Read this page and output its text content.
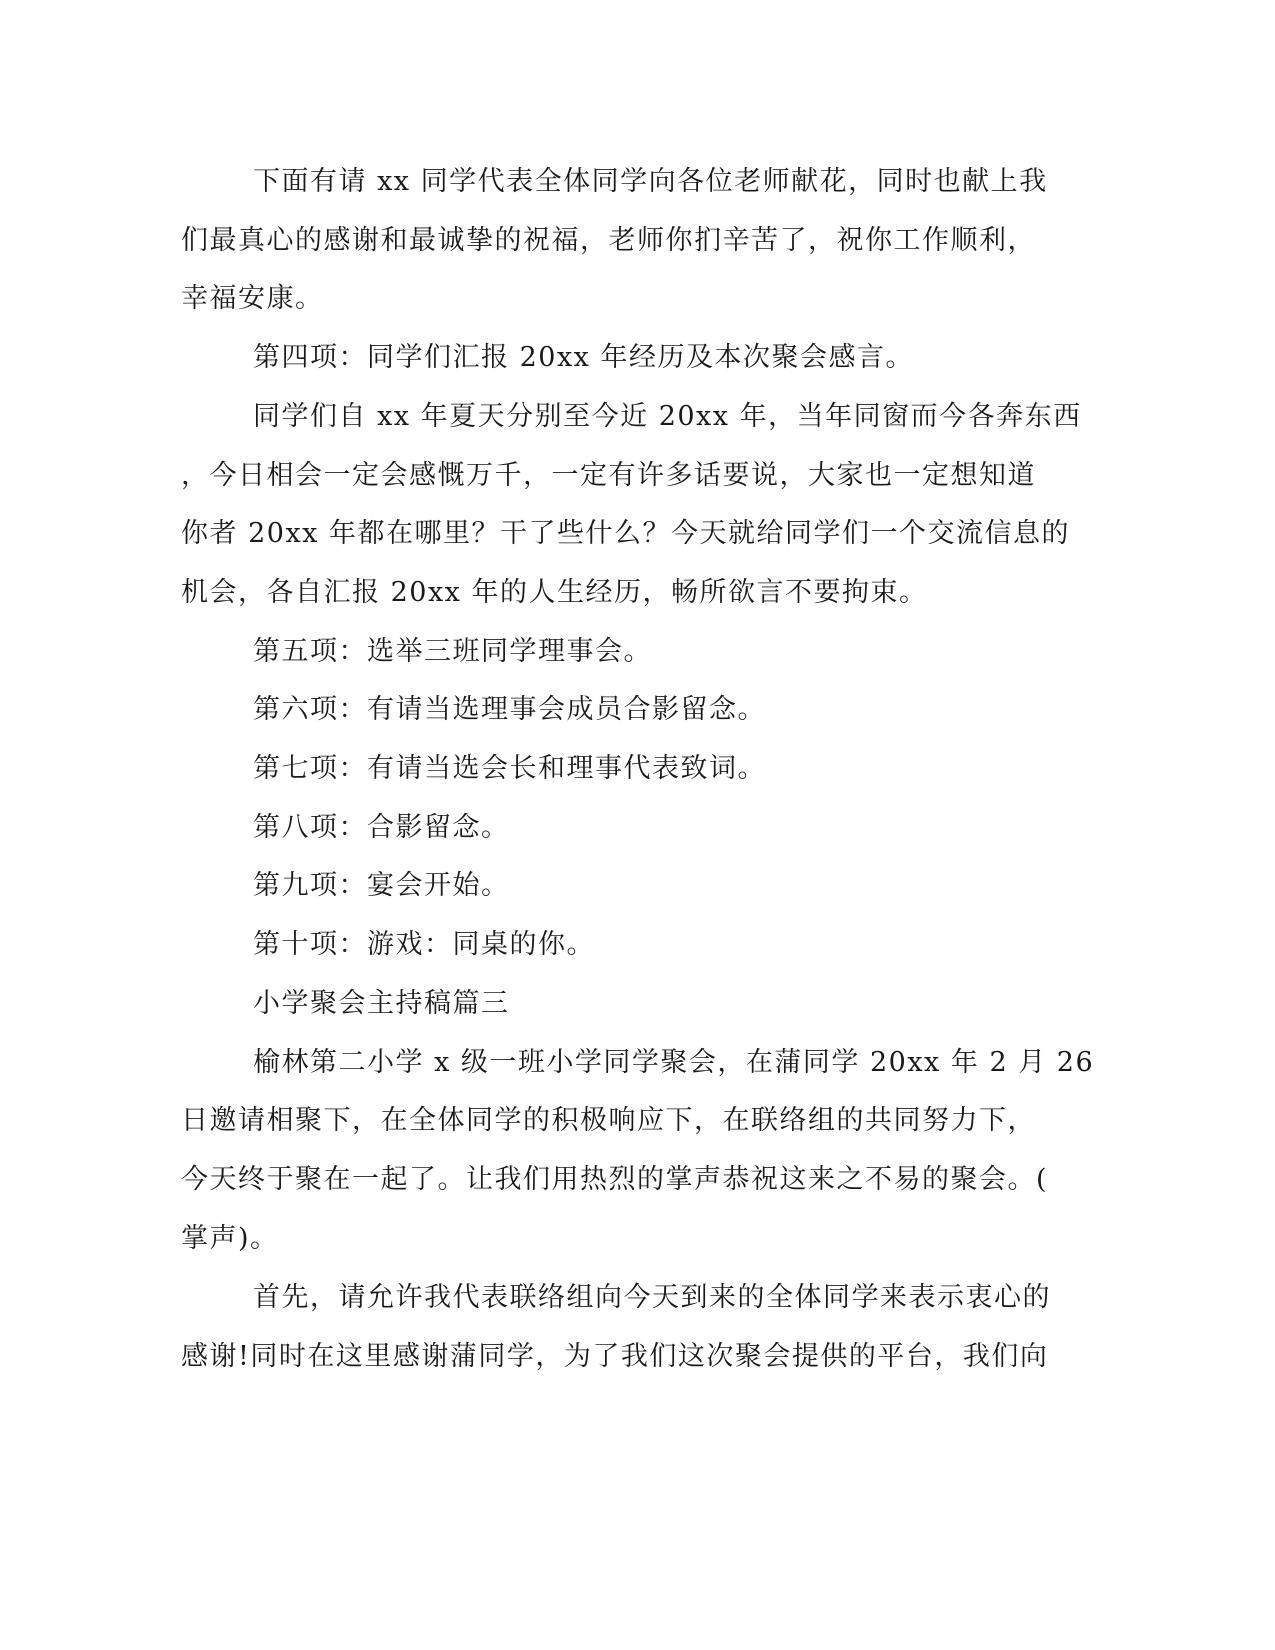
下面有请 xx 同学代表全体同学向各位老师献花，同时也献上我
们最真心的感谢和最诚挚的祝福，老师你扪辛苦了，祝你工作顺利，
幸福安康。
第四项：同学们汇报 20xx 年经历及本次聚会感言。
同学们自 xx 年夏天分别至今近 20xx 年，当年同窗而今各奔东西
，今日相会一定会感慨万千，一定有许多话要说，大家也一定想知道
你者 20xx 年都在哪里？干了些什么？今天就给同学们一个交流信息的
机会，各自汇报 20xx 年的人生经历，畅所欲言不要拘束。
第五项：选举三班同学理事会。
第六项：有请当选理事会成员合影留念。
第七项：有请当选会长和理事代表致词。
第八项：合影留念。
第九项：宴会开始。
第十项：游戏：同桌的你。
小学聚会主持稿篇三
榆林第二小学 x 级一班小学同学聚会，在蒲同学 20xx 年 2 月 26
日邀请相聚下，在全体同学的积极响应下，在联络组的共同努力下，
今天终于聚在一起了。让我们用热烈的掌声恭祝这来之不易的聚会。(
掌声)。
首先，请允许我代表联络组向今天到来的全体同学来表示衷心的
感谢!同时在这里感谢蒲同学，为了我们这次聚会提供的平台，我们向
